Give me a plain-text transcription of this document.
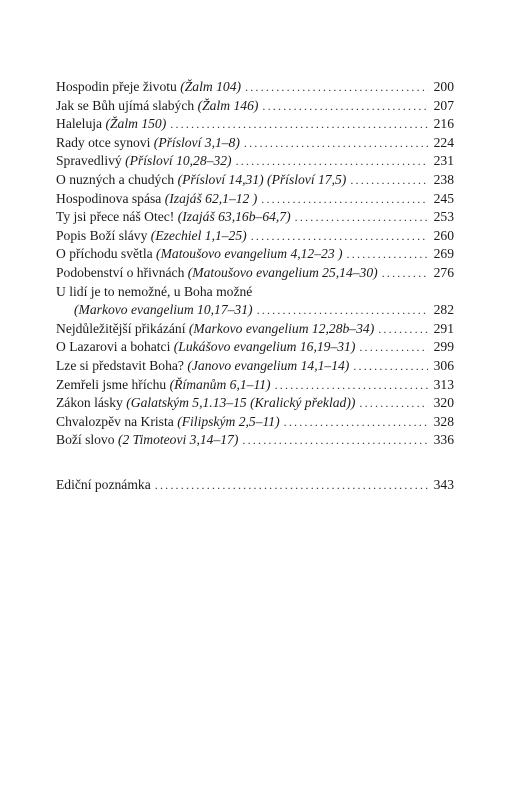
Hospodin přeje životu (Žalm 104) .....	200
Jak se Bůh ujímá slabých (Žalm 146) .....	207
Haleluja (Žalm 150) .....	216
Rady otce synovi (Přísloví 3,1–8) .....	224
Spravedlivý (Přísloví 10,28–32) .....	231
O nuzných a chudých (Přísloví 14,31) (Přísloví 17,5) .....	238
Hospodinova spása (Izajáš 62,1–12 ) .....	245
Ty jsi přece náš Otec! (Izajáš 63,16b–64,7) .....	253
Popis Boží slávy (Ezechiel 1,1–25) .....	260
O příchodu světla (Matoušovo evangelium 4,12–23 ) .....	269
Podobenství o hřivnách (Matoušovo evangelium 25,14–30) .....	276
U lidí je to nemožné, u Boha možné
(Markovo evangelium 10,17–31) .....	282
Nejdůležitější přikázání (Markovo evangelium 12,28b–34) .....	291
O Lazarovi a bohatci (Lukášovo evangelium 16,19–31) .....	299
Lze si představit Boha? (Janovo evangelium 14,1–14) .....	306
Zemřeli jsme hříchu (Římanům 6,1–11) .....	313
Zákon lásky (Galatským 5,1.13–15 (Kralický překlad)) .....	320
Chvalozpěv na Krista (Filipským 2,5–11) .....	328
Boží slovo (2 Timoteovi 3,14–17) .....	336
Ediční poznámka .....	343
